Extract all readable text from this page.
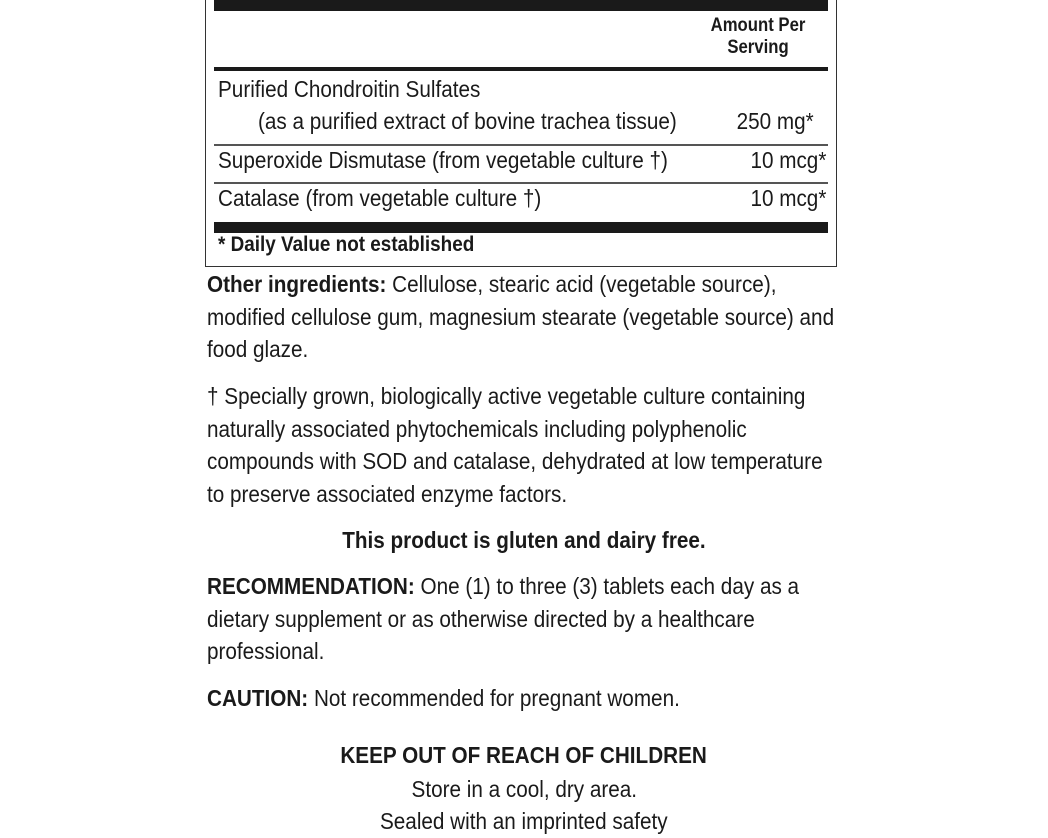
Amount Per Serving
Purified Chondroitin Sulfates
(as a purified extract of bovine trachea tissue)	250 mg*
Superoxide Dismutase (from vegetable culture †)	10 mcg*
Catalase (from vegetable culture †)	10 mcg*
* Daily Value not established
Other ingredients: Cellulose, stearic acid (vegetable source), modified cellulose gum, magnesium stearate (vegetable source) and food glaze.
† Specially grown, biologically active vegetable culture containing naturally associated phytochemicals including polyphenolic compounds with SOD and catalase, dehydrated at low temperature to preserve associated enzyme factors.
This product is gluten and dairy free.
RECOMMENDATION: One (1) to three (3) tablets each day as a dietary supplement or as otherwise directed by a healthcare professional.
CAUTION: Not recommended for pregnant women.
KEEP OUT OF REACH OF CHILDREN
Store in a cool, dry area.
Sealed with an imprinted safety
